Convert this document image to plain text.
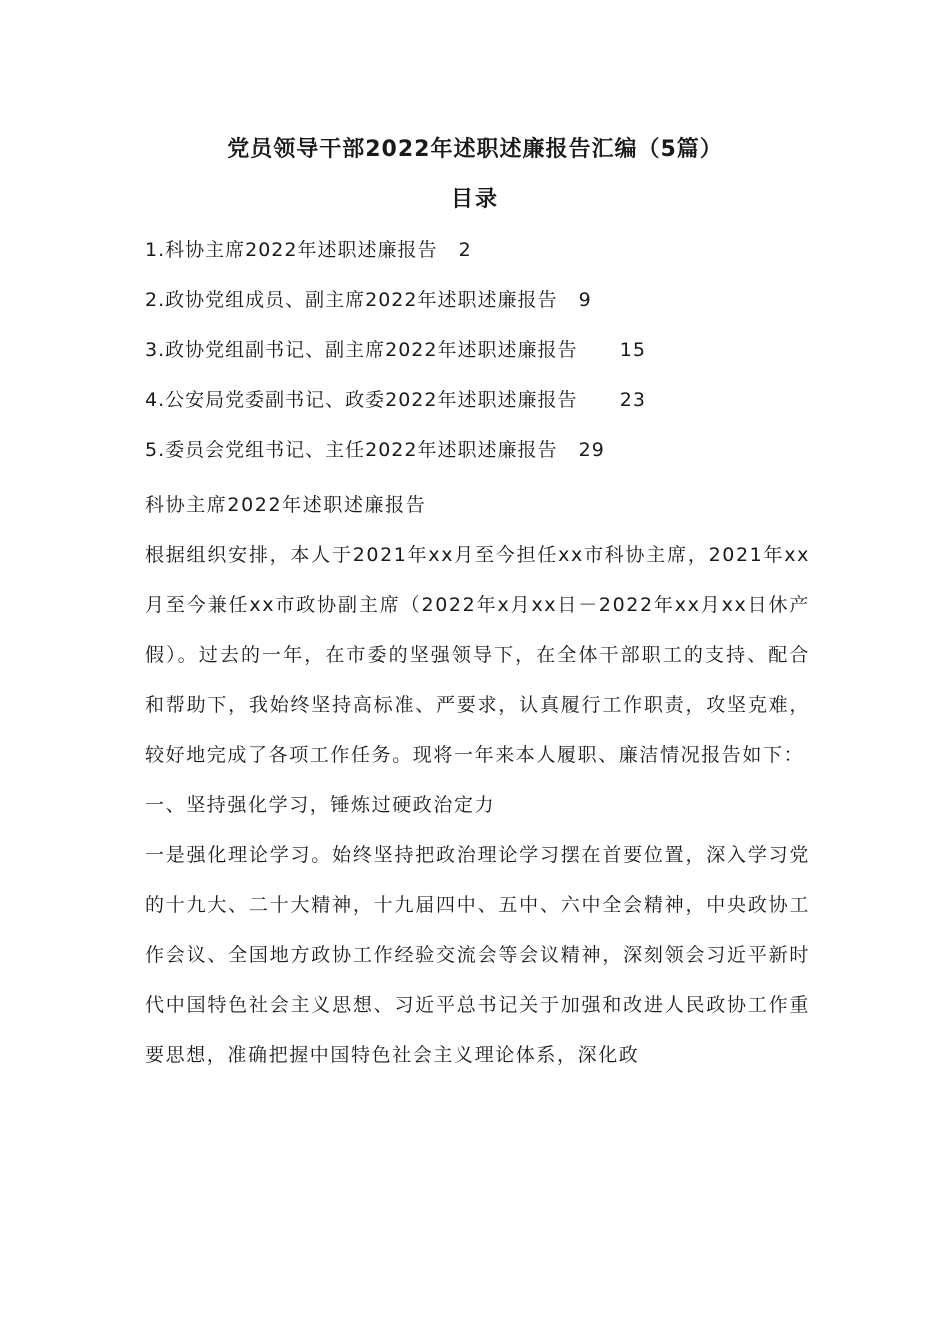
党员领导干部2022年述职述廉报告汇编（5篇）
目录
1.科协主席2022年述职述廉报告 2
2.政协党组成员、副主席2022年述职述廉报告 9
3.政协党组副书记、副主席2022年述职述廉报告 15
4.公安局党委副书记、政委2022年述职述廉报告 23
5.委员会党组书记、主任2022年述职述廉报告 29

科协主席2022年述职述廉报告

根据组织安排，本人于2021年xx月至今担任xx市科协主席，2021年xx月至今兼任xx市政协副主席（2022年x月xx日－2022年xx月xx日休产假）。过去的一年，在市委的坚强领导下，在全体干部职工的支持、配合和帮助下，我始终坚持高标准、严要求，认真履行工作职责，攻坚克难，较好地完成了各项工作任务。现将一年来本人履职、廉洁情况报告如下：

一、坚持强化学习，锤炼过硬政治定力

一是强化理论学习。始终坚持把政治理论学习摆在首要位置，深入学习党的十九大、二十大精神，十九届四中、五中、六中全会精神，中央政协工作会议、全国地方政协工作经验交流会等会议精神，深刻领会习近平新时代中国特色社会主义思想、习近平总书记关于加强和改进人民政协工作重要思想，准确把握中国特色社会主义理论体系，深化政
